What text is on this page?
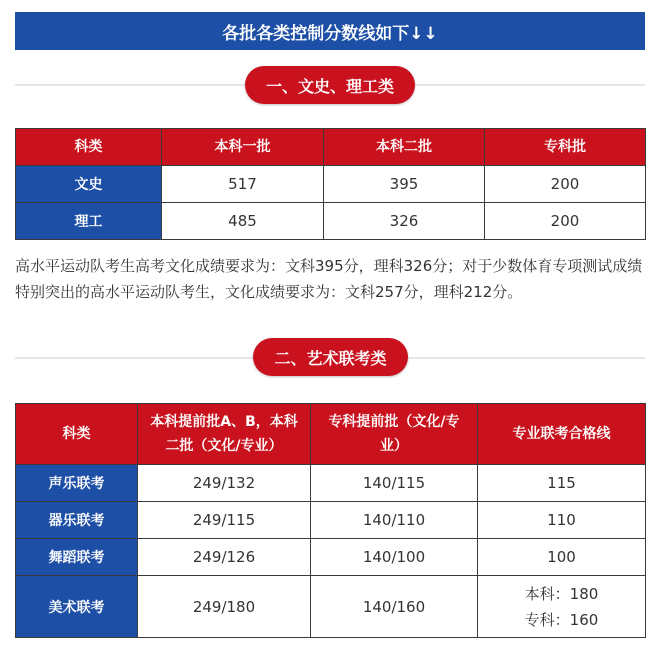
各批各类控制分数线如下↓↓
一、文史、理工类
科类	本科一批	本科二批	专科批
文史	517	395	200
理工	485	326	200
高水平运动队考生高考文化成绩要求为：文科395分，理科326分；对于少数体育专项测试成绩特别突出的高水平运动队考生，文化成绩要求为：文科257分，理科212分。
二、艺术联考类
科类	本科提前批A、B，本科二批（文化/专业）	专科提前批（文化/专业）	专业联考合格线
声乐联考	249/132	140/115	115
器乐联考	249/115	140/110	110
舞蹈联考	249/126	140/100	100
美术联考	249/180	140/160	本科：180
专科：160
